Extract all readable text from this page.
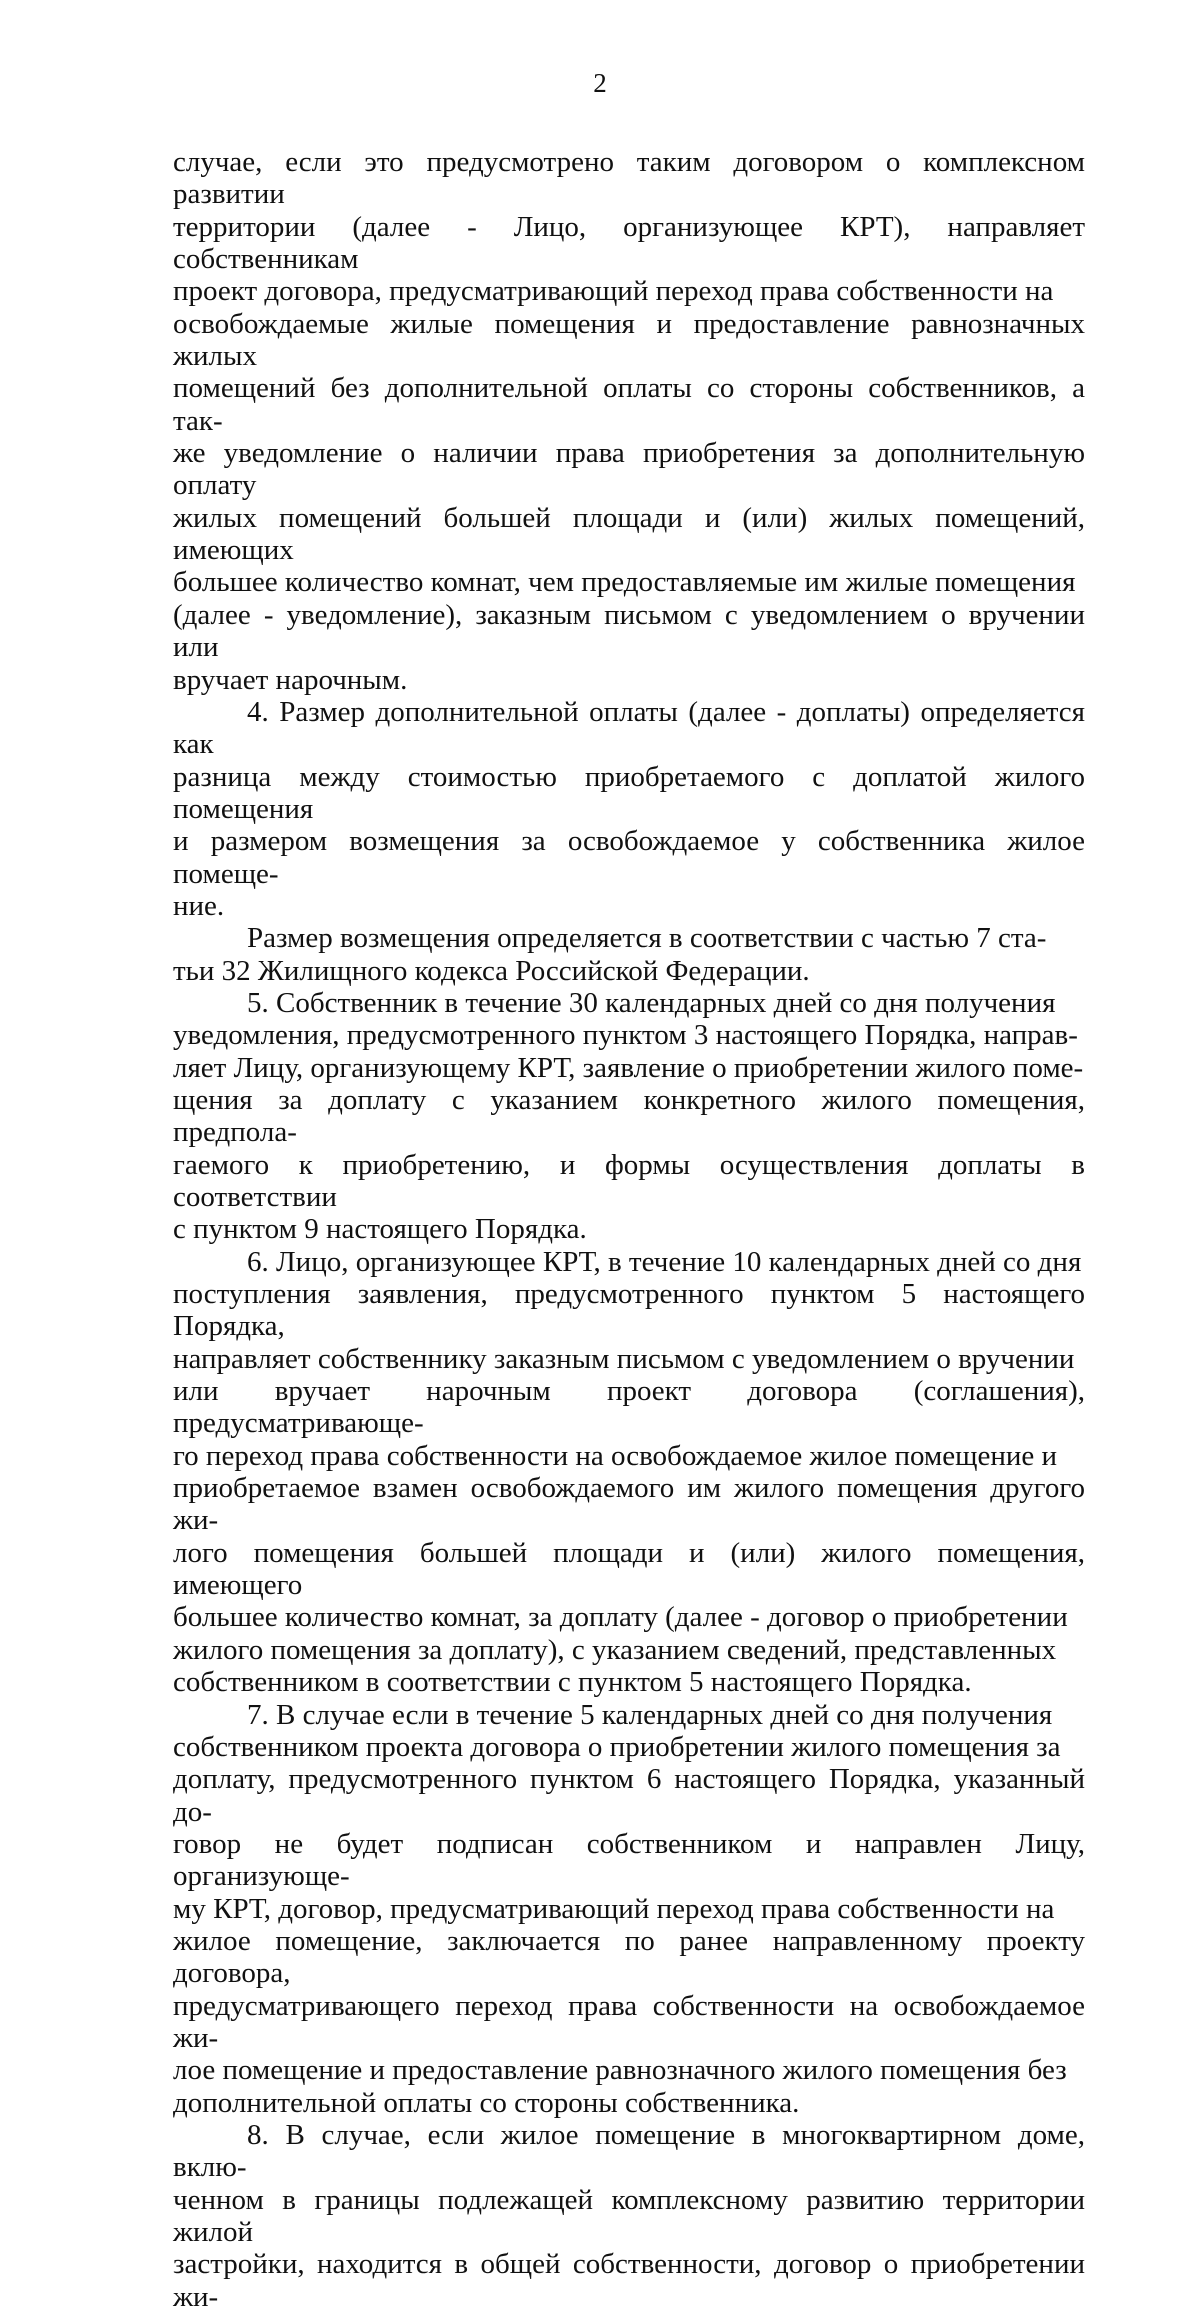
2

случае, если это предусмотрено таким договором о комплексном развитии
территории (далее - Лицо, организующее КРТ), направляет собственникам
проект договора, предусматривающий переход права собственности на
освобождаемые жилые помещения и предоставление равнозначных жилых
помещений без дополнительной оплаты со стороны собственников, а так-
же уведомление о наличии права приобретения за дополнительную оплату
жилых помещений большей площади и (или) жилых помещений, имеющих
большее количество комнат, чем предоставляемые им жилые помещения
(далее - уведомление), заказным письмом с уведомлением о вручении или
вручает нарочным.

4. Размер дополнительной оплаты (далее - доплаты) определяется как
разница между стоимостью приобретаемого с доплатой жилого помещения
и размером возмещения за освобождаемое у собственника жилое помеще-
ние.

Размер возмещения определяется в соответствии с частью 7 ста-
тьи 32 Жилищного кодекса Российской Федерации.

5. Собственник в течение 30 календарных дней со дня получения
уведомления, предусмотренного пунктом 3 настоящего Порядка, направ-
ляет Лицу, организующему КРТ, заявление о приобретении жилого поме-
щения за доплату с указанием конкретного жилого помещения, предпола-
гаемого к приобретению, и формы осуществления доплаты в соответствии
с пунктом 9 настоящего Порядка.

6. Лицо, организующее КРТ, в течение 10 календарных дней со дня
поступления заявления, предусмотренного пунктом 5 настоящего Порядка,
направляет собственнику заказным письмом с уведомлением о вручении
или вручает нарочным проект договора (соглашения), предусматривающе-
го переход права собственности на освобождаемое жилое помещение и
приобретаемое взамен освобождаемого им жилого помещения другого жи-
лого помещения большей площади и (или) жилого помещения, имеющего
большее количество комнат, за доплату (далее - договор о приобретении
жилого помещения за доплату), с указанием сведений, представленных
собственником в соответствии с пунктом 5 настоящего Порядка.

7. В случае если в течение 5 календарных дней со дня получения
собственником проекта договора о приобретении жилого помещения за
доплату, предусмотренного пунктом 6 настоящего Порядка, указанный до-
говор не будет подписан собственником и направлен Лицу, организующе-
му КРТ, договор, предусматривающий переход права собственности на
жилое помещение, заключается по ранее направленному проекту договора,
предусматривающего переход права собственности на освобождаемое жи-
лое помещение и предоставление равнозначного жилого помещения без
дополнительной оплаты со стороны собственника.

8. В случае, если жилое помещение в многоквартирном доме, вклю-
ченном в границы подлежащей комплексному развитию территории жилой
застройки, находится в общей собственности, договор о приобретении жи-
